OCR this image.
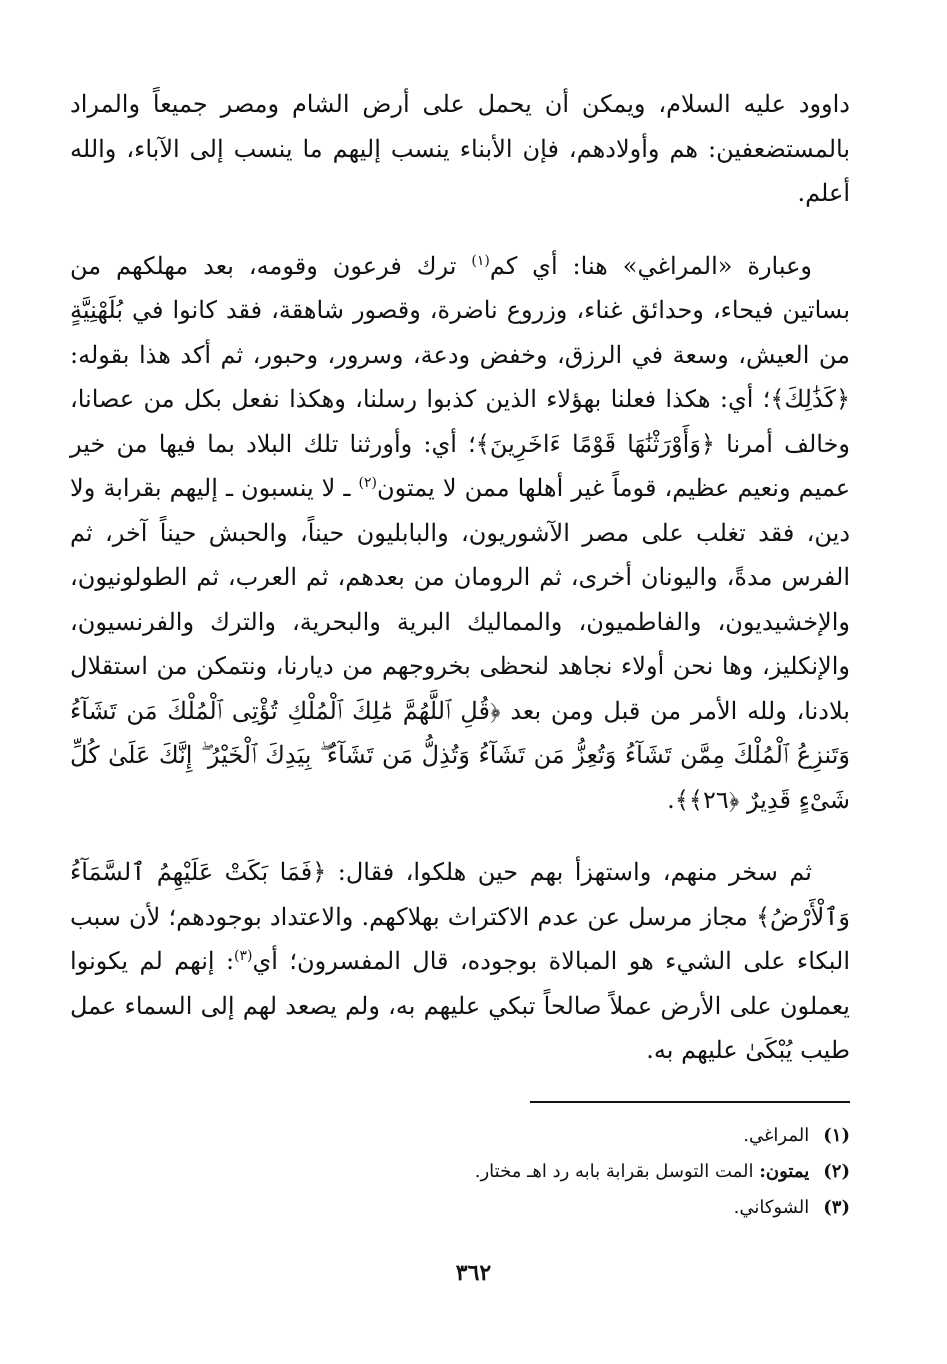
داوود عليه السلام، ويمكن أن يحمل على أرض الشام ومصر جميعاً والمراد بالمستضعفين: هم وأولادهم، فإن الأبناء ينسب إليهم ما ينسب إلى الآباء، والله أعلم.

وعبارة «المراغي» هنا: أي كم$^{(١)}$ ترك فرعون وقومه، بعد مهلكهم من بساتين فيحاء، وحدائق غناء، وزروع ناضرة، وقصور شاهقة، فقد كانوا في بُلَهْنِيَّةٍ من العيش، وسعة في الرزق، وخفض ودعة، وسرور، وحبور، ثم أكد هذا بقوله: ﴿كَذَٰلِكَ﴾؛ أي: هكذا فعلنا بهؤلاء الذين كذبوا رسلنا، وهكذا نفعل بكل من عصانا، وخالف أمرنا ﴿وَأَوْرَثْنَٰهَا قَوْمًا ءَاخَرِينَ﴾؛ أي: وأورثنا تلك البلاد بما فيها من خير عميم ونعيم عظيم، قوماً غير أهلها ممن لا يمتون$^{(٢)}$ ـ لا ينسبون ـ إليهم بقرابة ولا دين، فقد تغلب على مصر الآشوريون، والبابليون حيناً، والحبش حيناً آخر، ثم الفرس مدةً، واليونان أخرى، ثم الرومان من بعدهم، ثم العرب، ثم الطولونيون، والإخشيديون، والفاطميون، والمماليك البرية والبحرية، والترك والفرنسيون، والإنكليز، وها نحن أولاء نجاهد لنحظى بخروجهم من ديارنا، ونتمكن من استقلال بلادنا، ولله الأمر من قبل ومن بعد ﴿قُلِ ٱللَّهُمَّ مَٰلِكَ ٱلْمُلْكِ تُؤْتِى ٱلْمُلْكَ مَن تَشَآءُ وَتَنزِعُ ٱلْمُلْكَ مِمَّن تَشَآءُ وَتُعِزُّ مَن تَشَآءُ وَتُذِلُّ مَن تَشَآءُ ۖ بِيَدِكَ ٱلْخَيْرُ ۖ إِنَّكَ عَلَىٰ كُلِّ شَىْءٍ قَدِيرٌ ﴿٢٦﴾﴾.

ثم سخر منهم، واستهزأ بهم حين هلكوا، فقال: ﴿فَمَا بَكَتْ عَلَيْهِمُ ٱلسَّمَآءُ وَٱلْأَرْضُ﴾ مجاز مرسل عن عدم الاكتراث بهلاكهم. والاعتداد بوجودهم؛ لأن سبب البكاء على الشيء هو المبالاة بوجوده، قال المفسرون؛ أي$^{(٣)}$: إنهم لم يكونوا يعملون على الأرض عملاً صالحاً تبكي عليهم به، ولم يصعد لهم إلى السماء عمل طيب يُبْكَىٰ عليهم به.

(١)المراغي.
(٢)يمتون: المت التوسل بقرابة بابه رد اهـ مختار.
(٣)الشوكاني.
٣٦٢
